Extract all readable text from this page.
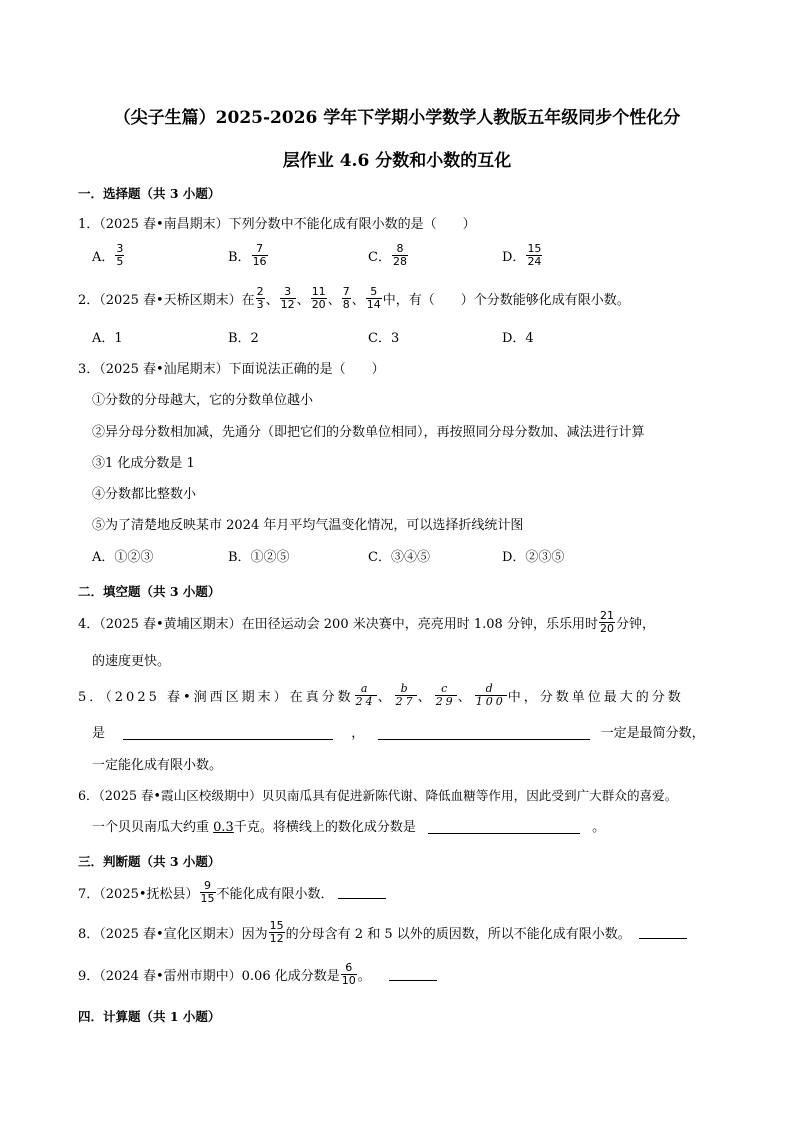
（尖子生篇）2025-2026 学年下学期小学数学人教版五年级同步个性化分
层作业 4.6 分数和小数的互化
一．选择题（共 3 小题）
1．（2025 春•南昌期末）下列分数中不能化成有限小数的是（　　）
A．
3
5	B．
7
16	C．
8
28	D．
15
24
2．（2025 春•天桥区期末）在
2
3 、
3
12 、
11
20 、
7
8 、
5
14 中，有（　　）个分数能够化成有限小数。
A．1	B．2	C．3	D．4
3．（2025 春•汕尾期末）下面说法正确的是（　　）
①分数的分母越大，它的分数单位越小
②异分母分数相加减，先通分（即把它们的分数单位相同），再按照同分母分数加、减法进行计算
③1 化成分数是 1
④分数都比整数小
⑤为了清楚地反映某市 2024 年月平均气温变化情况，可以选择折线统计图
A．①②③	B．①②⑤	C．③④⑤	D．②③⑤
二．填空题（共 3 小题）
4．（2025 春•黄埔区期末）在田径运动会 200 米决赛中，亮亮用时 1.08 分钟，乐乐用时
21
20 分钟，
的速度更快。
5．（2025 春•涧西区期末）在真分数
a
24 、
b
27 、
c
29 、
d
100 中，分数单位最大的分数
是	，	一定是最简分数，
一定能化成有限小数。
6．（2025 春•霞山区校级期中）贝贝南瓜具有促进新陈代谢、降低血糖等作用，因此受到广大群众的喜爱。
一个贝贝南瓜大约重 0.3千克。将横线上的数化成分数是	。
三．判断题（共 3 小题）
7．（2025•抚松县）
9
15 不能化成有限小数．
8．（2025 春•宣化区期末）因为
15
12 的分母含有 2 和 5 以外的质因数，所以不能化成有限小数。
9．（2024 春•雷州市期中）0.06 化成分数是
6
10 。
四．计算题（共 1 小题）
